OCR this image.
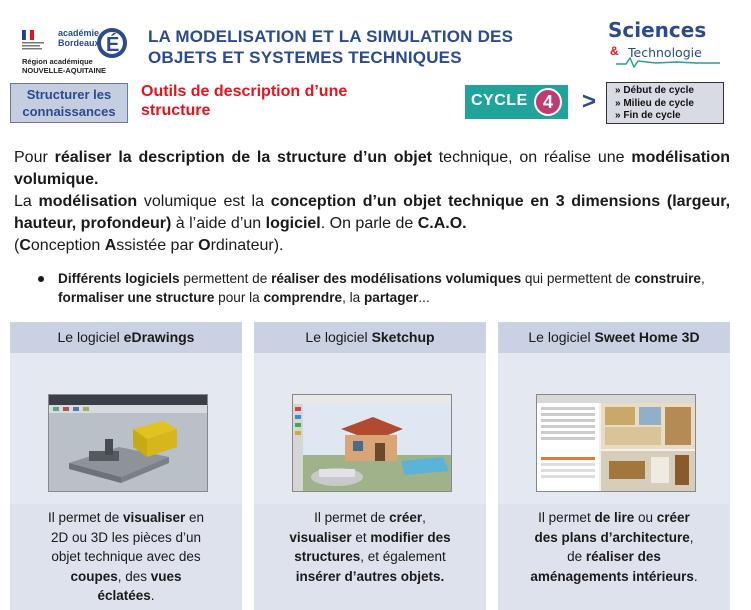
É
académie
Bordeaux
Région académique
NOUVELLE-AQUITAINE
LA MODELISATION ET LA SIMULATION DES
OBJETS ET SYSTEMES TECHNIQUES
Sciences
& Technologie
Structurer les
connaissances
Outils de description d’une
structure
CYCLE 4	> » Début de cycle
» Milieu de cycle
» Fin de cycle
Pour réaliser la description de la structure d’un objet technique, on réalise une modélisation volumique.
La modélisation volumique est la conception d’un objet technique en 3 dimensions (largeur, hauteur, profondeur) à l’aide d’un logiciel. On parle de C.A.O.
(Conception Assistée par Ordinateur).
Différents logiciels permettent de réaliser des modélisations volumiques qui permettent de construire, formaliser une structure pour la comprendre, la partager...
Le logiciel eDrawings
Il permet de visualiser en
2D ou 3D les pièces d’un
objet technique avec des
coupes, des vues
éclatées.
Le logiciel Sketchup
Il permet de créer,
visualiser et modifier des
structures, et également
insérer d’autres objets.
Le logiciel Sweet Home 3D
Il permet de lire ou créer
des plans d’architecture,
de réaliser des
aménagements intérieurs.
